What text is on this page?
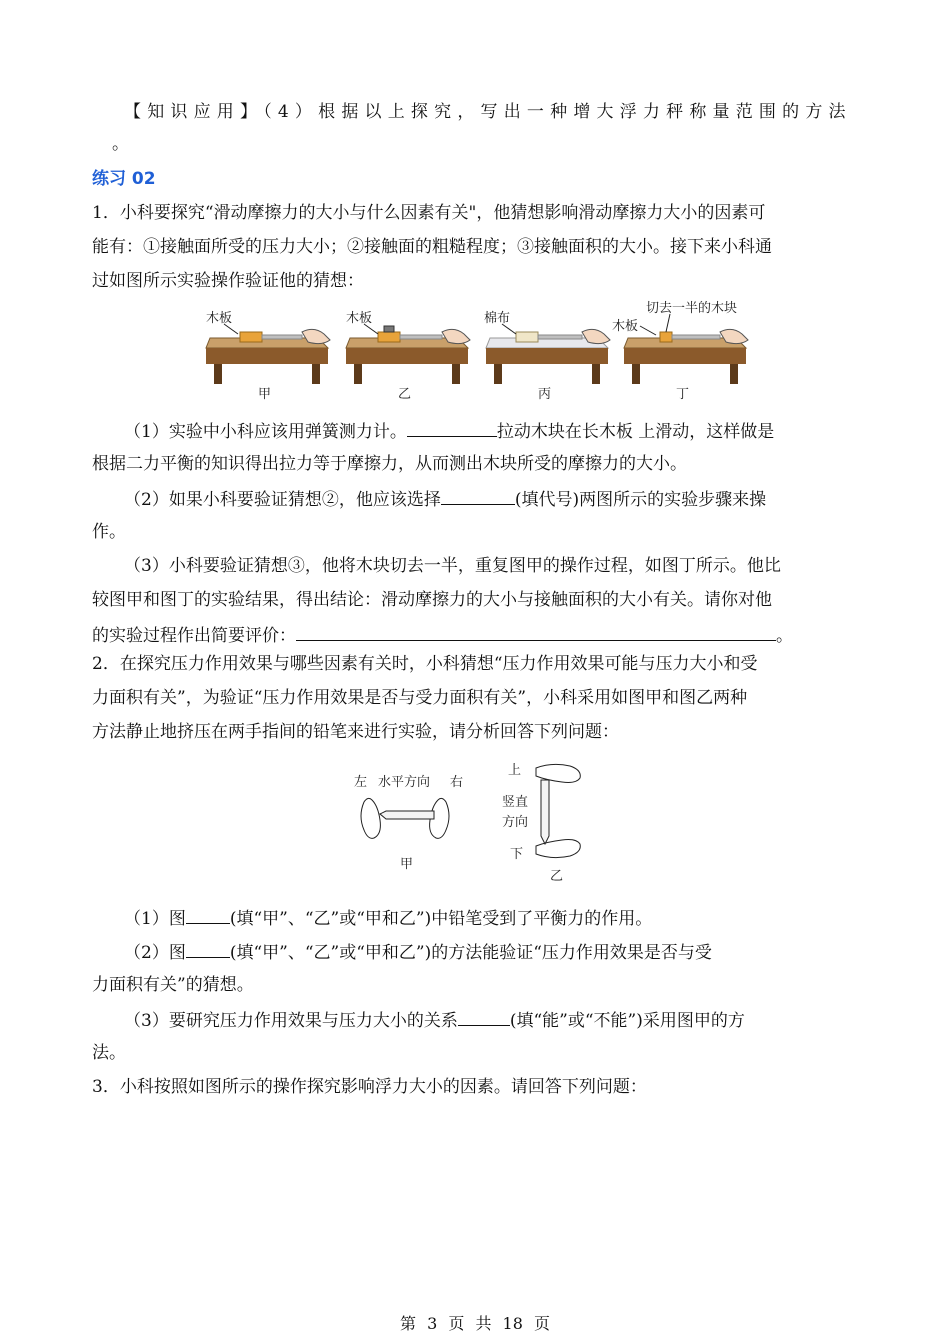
【知识应用】（4）根据以上探究，写出一种增大浮力秤称量范围的方法
。
练习 02
1．小科要探究“滑动摩擦力的大小与什么因素有关"，他猜想影响滑动摩擦力大小的因素可
能有：①接触面所受的压力大小；②接触面的粗糙程度；③接触面积的大小。接下来小科通
过如图所示实验操作验证他的猜想：
木板
甲
木板
乙
棉布
丙
木板
切去一半的木块
丁
（1）实验中小科应该用弹簧测力计。	拉动木块在长木板 上滑动，这样做是
根据二力平衡的知识得出拉力等于摩擦力，从而测出木块所受的摩擦力的大小。
（2）如果小科要验证猜想②，他应该选择	(填代号)两图所示的实验步骤来操
作。
（3）小科要验证猜想③，他将木块切去一半，重复图甲的操作过程，如图丁所示。他比
较图甲和图丁的实验结果，得出结论：滑动摩擦力的大小与接触面积的大小有关。请你对他
的实验过程作出简要评价：	。
2．在探究压力作用效果与哪些因素有关时，小科猜想“压力作用效果可能与压力大小和受
力面积有关”，为验证“压力作用效果是否与受力面积有关”，小科采用如图甲和图乙两种
方法静止地挤压在两手指间的铅笔来进行实验，请分析回答下列问题：
左 水平方向 右
甲
上
竖直
方向
下
乙
（1）图	(填“甲”、“乙”或“甲和乙”)中铅笔受到了平衡力的作用。
（2）图	(填“甲”、“乙”或“甲和乙”)的方法能验证“压力作用效果是否与受
力面积有关”的猜想。
（3）要研究压力作用效果与压力大小的关系	(填“能”或“不能”)采用图甲的方
法。
3．小科按照如图所示的操作探究影响浮力大小的因素。请回答下列问题：
第 3 页 共 18 页
